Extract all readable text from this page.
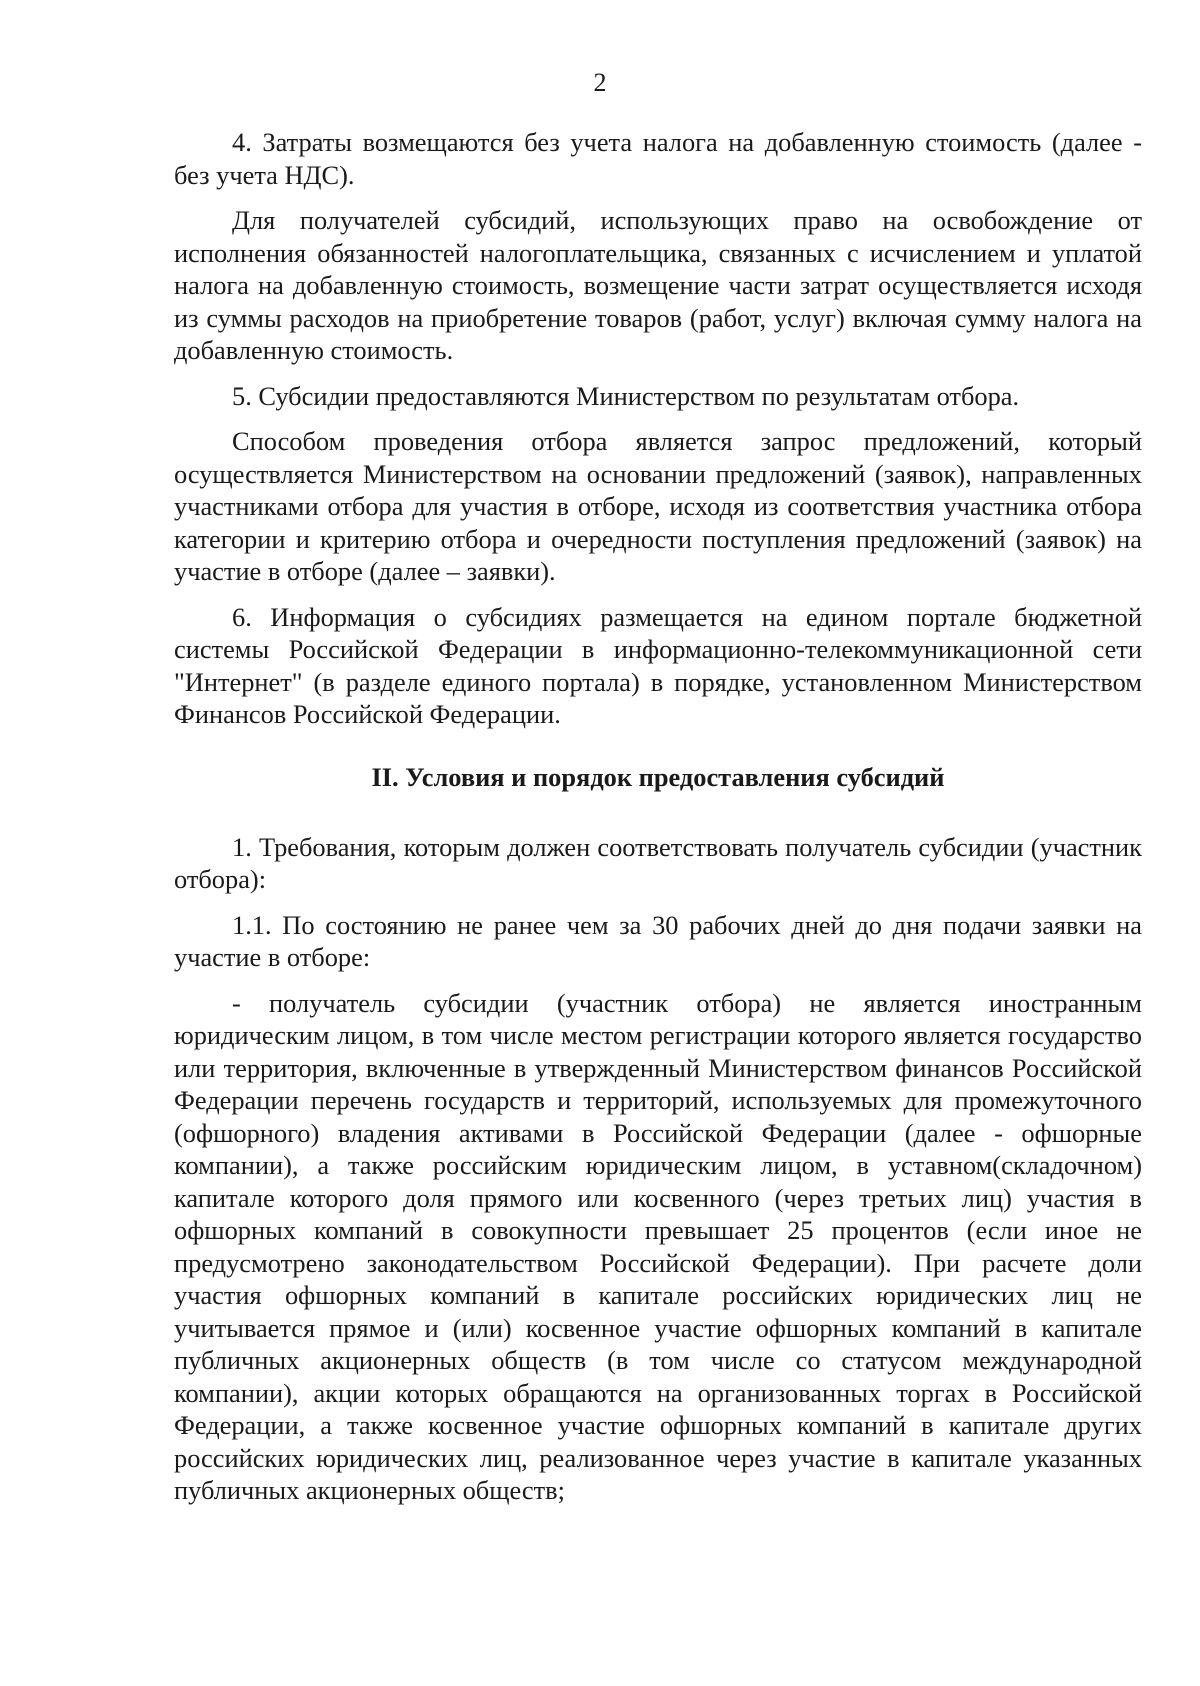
2

4. Затраты возмещаются без учета налога на добавленную стоимость (далее - без учета НДС).

Для получателей субсидий, использующих право на освобождение от исполнения обязанностей налогоплательщика, связанных с исчислением и уплатой налога на добавленную стоимость, возмещение части затрат осуществляется исходя из суммы расходов на приобретение товаров (работ, услуг) включая сумму налога на добавленную стоимость.

5. Субсидии предоставляются Министерством по результатам отбора.

Способом проведения отбора является запрос предложений, который осуществляется Министерством на основании предложений (заявок), направленных участниками отбора для участия в отборе, исходя из соответствия участника отбора категории и критерию отбора и очередности поступления предложений (заявок) на участие в отборе (далее – заявки).

6. Информация о субсидиях размещается на едином портале бюджетной системы Российской Федерации в информационно-телекоммуникационной сети "Интернет" (в разделе единого портала) в порядке, установленном Министерством Финансов Российской Федерации.

II. Условия и порядок предоставления субсидий

1. Требования, которым должен соответствовать получатель субсидии (участник отбора):

1.1. По состоянию не ранее чем за 30 рабочих дней до дня подачи заявки на участие в отборе:

- получатель субсидии (участник отбора) не является иностранным юридическим лицом, в том числе местом регистрации которого является государство или территория, включенные в утвержденный Министерством финансов Российской Федерации перечень государств и территорий, используемых для промежуточного (офшорного) владения активами в Российской Федерации (далее - офшорные компании), а также российским юридическим лицом, в уставном(складочном) капитале которого доля прямого или косвенного (через третьих лиц) участия в офшорных компаний в совокупности превышает 25 процентов (если иное не предусмотрено законодательством Российской Федерации). При расчете доли участия офшорных компаний в капитале российских юридических лиц не учитывается прямое и (или) косвенное участие офшорных компаний в капитале публичных акционерных обществ (в том числе со статусом международной компании), акции которых обращаются на организованных торгах в Российской Федерации, а также косвенное участие офшорных компаний в капитале других российских юридических лиц, реализованное через участие в капитале указанных публичных акционерных обществ;
